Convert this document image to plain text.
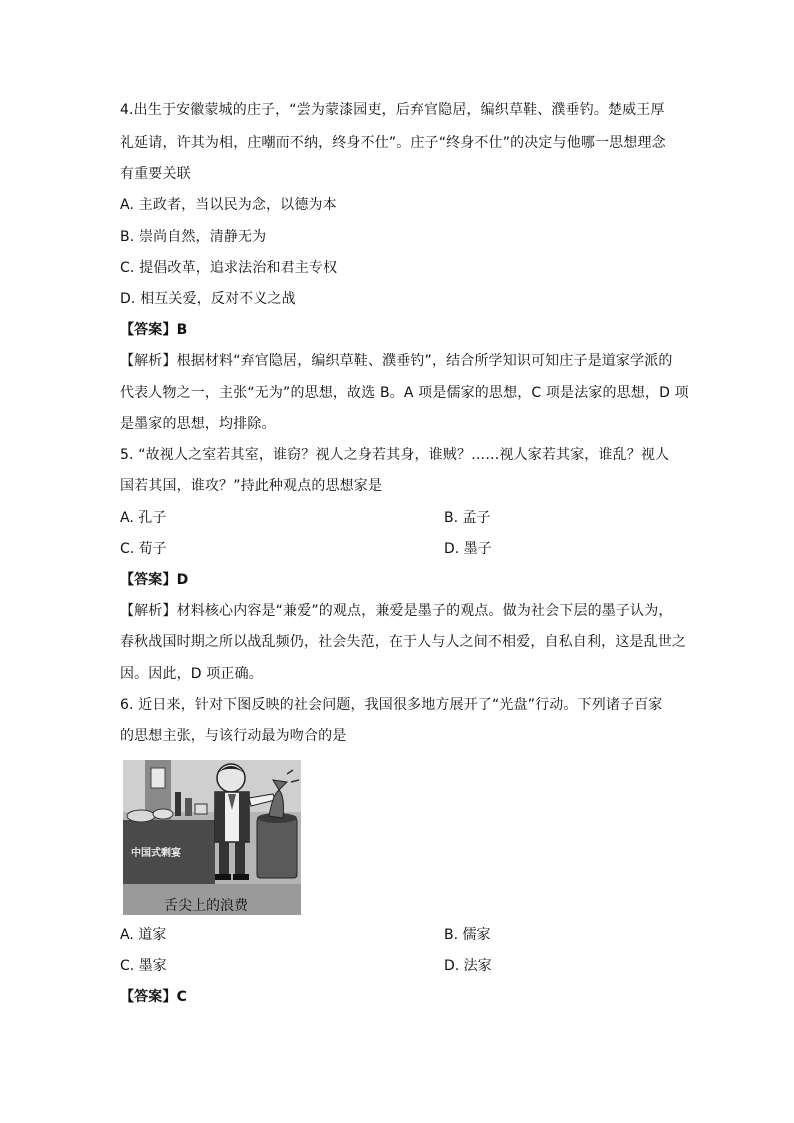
4.出生于安徽蒙城的庄子，“尝为蒙漆园吏，后弃官隐居，编织草鞋、濮垂钓。楚威王厚
礼延请，许其为相，庄嘲而不纳，终身不仕”。庄子“终身不仕”的决定与他哪一思想理念
有重要关联
A. 主政者，当以民为念，以德为本
B. 崇尚自然，清静无为
C. 提倡改革，追求法治和君主专权
D. 相互关爱，反对不义之战
【答案】B
【解析】根据材料“弃官隐居，编织草鞋、濮垂钓”，结合所学知识可知庄子是道家学派的
代表人物之一，主张“无为”的思想，故选 B。A 项是儒家的思想，C 项是法家的思想，D 项
是墨家的思想，均排除。
5. “故视人之室若其室，谁窃？视人之身若其身，谁贼？……视人家若其家，谁乱？视人
国若其国，谁攻？”持此种观点的思想家是
A. 孔子	B. 孟子
C. 荀子	D. 墨子
【答案】D
【解析】材料核心内容是“兼爱”的观点，兼爱是墨子的观点。做为社会下层的墨子认为，
春秋战国时期之所以战乱频仍，社会失范，在于人与人之间不相爱，自私自利，这是乱世之
因。因此，D 项正确。
6. 近日来，针对下图反映的社会问题，我国很多地方展开了“光盘”行动。下列诸子百家
的思想主张，与该行动最为吻合的是
中国式剩宴
舌尖上的浪费
A. 道家	B. 儒家
C. 墨家	D. 法家
【答案】C
